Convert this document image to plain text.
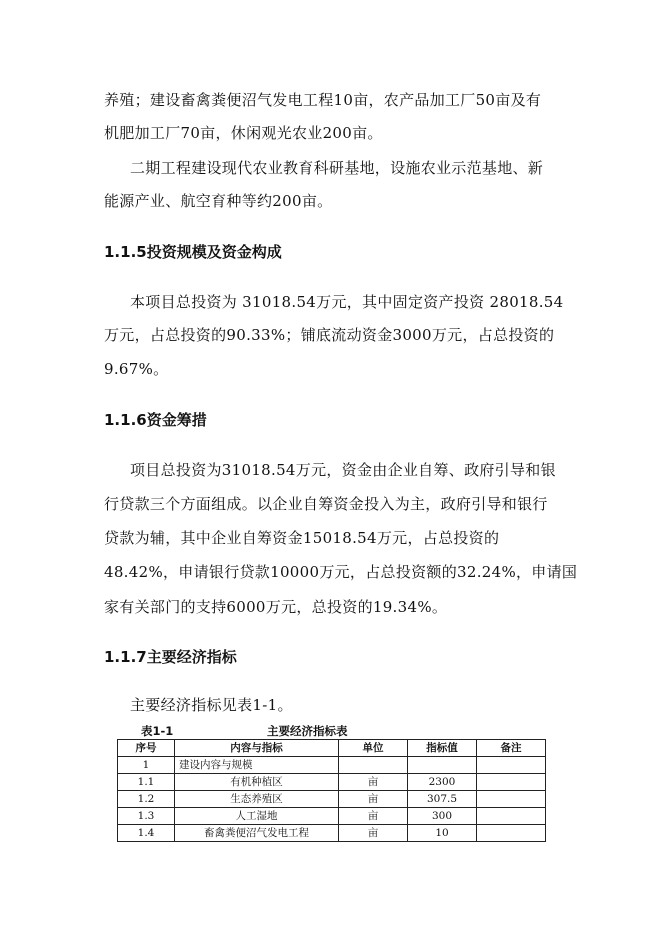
养殖；建设畜禽粪便沼气发电工程10亩，农产品加工厂50亩及有
机肥加工厂70亩，休闲观光农业200亩。
二期工程建设现代农业教育科研基地，设施农业示范基地、新
能源产业、航空育种等约200亩。
1.1.5投资规模及资金构成
本项目总投资为 31018.54万元，其中固定资产投资 28018.54
万元，占总投资的90.33%；铺底流动资金3000万元，占总投资的
9.67%。
1.1.6资金筹措
项目总投资为31018.54万元，资金由企业自筹、政府引导和银
行贷款三个方面组成。以企业自筹资金投入为主，政府引导和银行
贷款为辅，其中企业自筹资金15018.54万元，占总投资的
48.42%，申请银行贷款10000万元，占总投资额的32.24%，申请国
家有关部门的支持6000万元，总投资的19.34%。
1.1.7主要经济指标
主要经济指标见表1-1。
表1-1	主要经济指标表
序号	内容与指标	单位	指标值	备注
1	建设内容与规模			
1.1	有机种植区	亩	2300	
1.2	生态养殖区	亩	307.5	
1.3	人工湿地	亩	300	
1.4	畜禽粪便沼气发电工程	亩	10	
